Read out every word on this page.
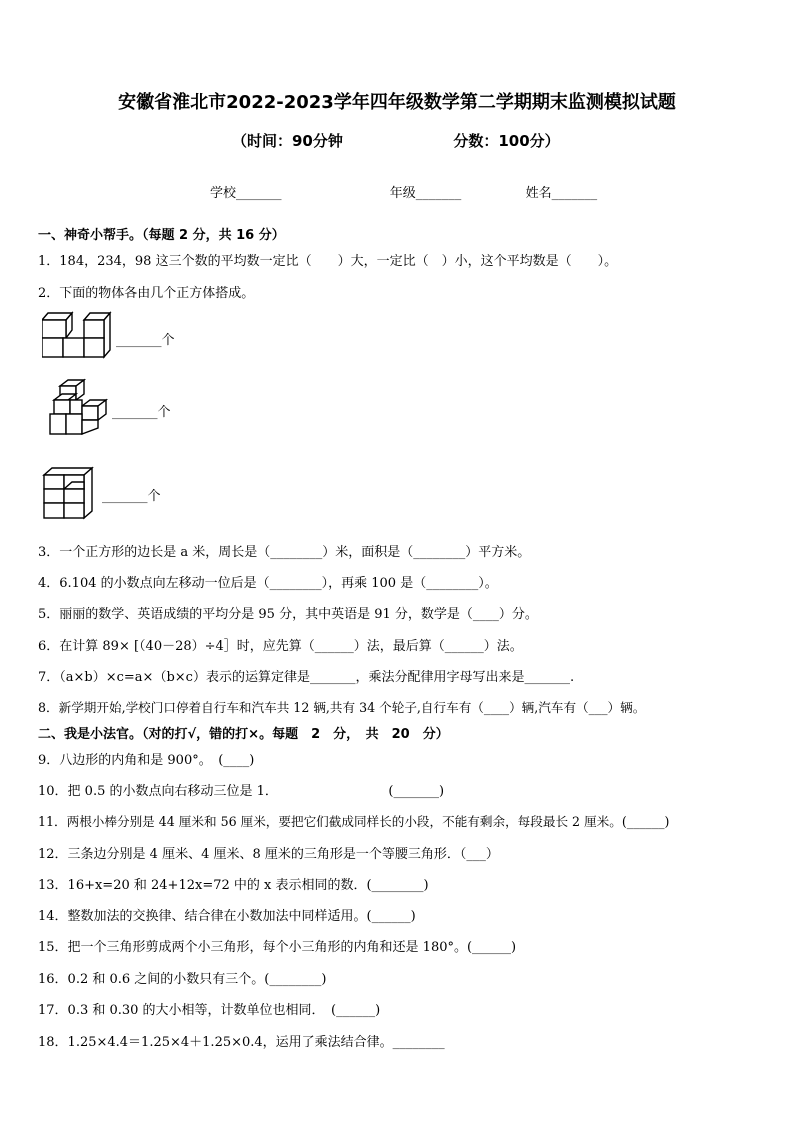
安徽省淮北市2022-2023学年四年级数学第二学期期末监测模拟试题
（时间：90分钟	分数：100分）
学校_______	年级_______	姓名_______
一、神奇小帮手。（每题 2 分，共 16 分）
1．184，234，98 这三个数的平均数一定比（　　）大，一定比（　）小，这个平均数是（　　）。
2．下面的物体各由几个正方体搭成。
_______个
_______个
_______个
3．一个正方形的边长是 a 米，周长是（________）米，面积是（________）平方米。
4．6.104 的小数点向左移动一位后是（________），再乘 100 是（________）。
5．丽丽的数学、英语成绩的平均分是 95 分，其中英语是 91 分，数学是（____）分。
6．在计算 89× [（40－28）÷4］时，应先算（______）法，最后算（______）法。
7．（a×b）×c=a×（b×c）表示的运算定律是_______，乘法分配律用字母写出来是_______.
8．新学期开始,学校门口停着自行车和汽车共 12 辆,共有 34 个轮子,自行车有（____）辆,汽车有（___）辆。
二、我是小法官。（对的打√，错的打×。每题　2　分，　共　20　分）
9．八边形的内角和是 900°。　(____)
10．把 0.5 的小数点向右移动三位是 1．　　　　　　　　　(_______)
11．两根小棒分别是 44 厘米和 56 厘米，要把它们截成同样长的小段，不能有剩余，每段最长 2 厘米。(______)
12．三条边分别是 4 厘米、4 厘米、8 厘米的三角形是一个等腰三角形．（___）
13．16+x=20 和 24+12x=72 中的 x 表示相同的数．(________)
14．整数加法的交换律、结合律在小数加法中同样适用。(______)
15．把一个三角形剪成两个小三角形，每个小三角形的内角和还是 180°。(______)
16．0.2 和 0.6 之间的小数只有三个。(________)
17．0.3 和 0.30 的大小相等，计数单位也相同．　(______)
18．1.25×4.4＝1.25×4＋1.25×0.4，运用了乘法结合律。________
